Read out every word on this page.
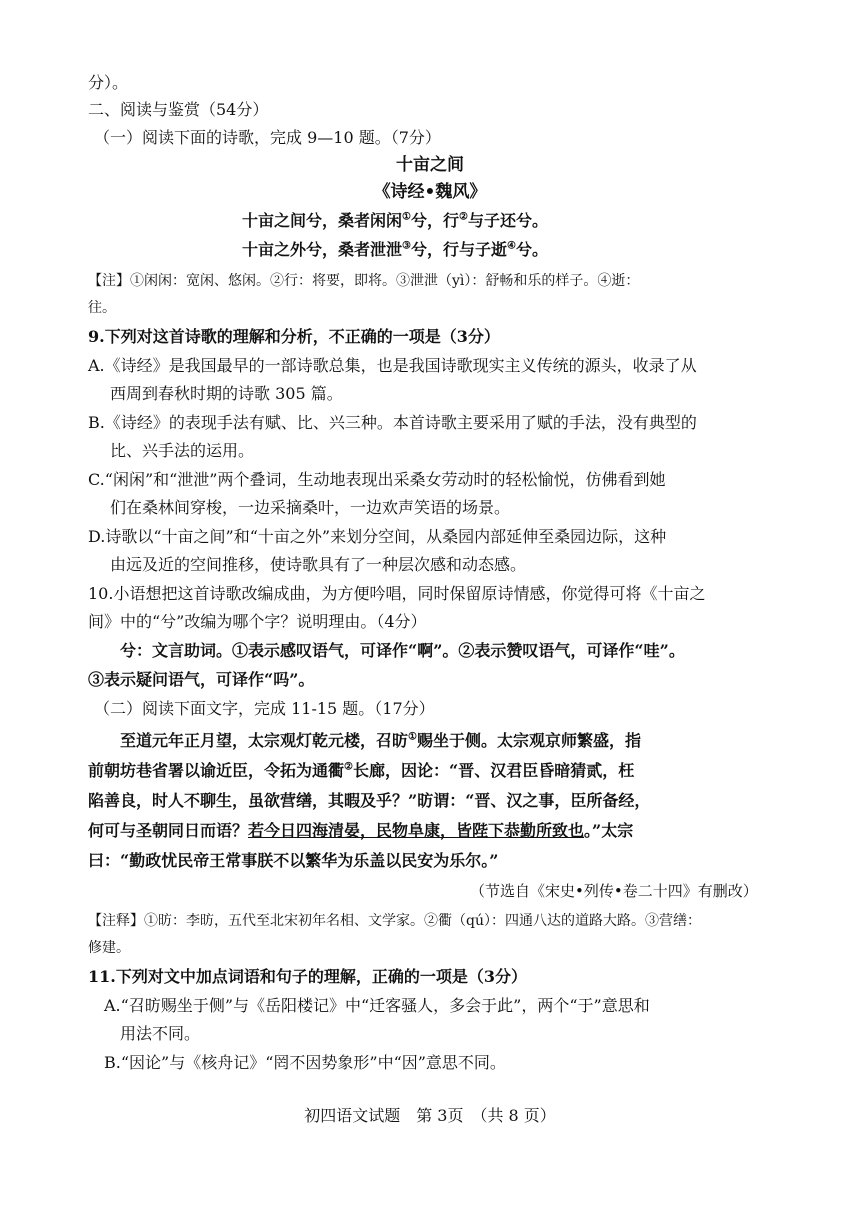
分）。
二、阅读与鉴赏（54分）
（一）阅读下面的诗歌，完成 9—10 题。（7分）
十亩之间
《诗经•魏风》
十亩之间兮，桑者闲闲①兮，行②与子还兮。
十亩之外兮，桑者泄泄③兮，行与子逝④兮。
【注】①闲闲：宽闲、悠闲。②行：将要，即将。③泄泄（yì）：舒畅和乐的样子。④逝：
往。
9.下列对这首诗歌的理解和分析，不正确的一项是（3分）
A.《诗经》是我国最早的一部诗歌总集，也是我国诗歌现实主义传统的源头，收录了从
西周到春秋时期的诗歌 305 篇。
B.《诗经》的表现手法有赋、比、兴三种。本首诗歌主要采用了赋的手法，没有典型的
比、兴手法的运用。
C.“闲闲”和“泄泄”两个叠词，生动地表现出采桑女劳动时的轻松愉悦，仿佛看到她
们在桑林间穿梭，一边采摘桑叶，一边欢声笑语的场景。
D.诗歌以“十亩之间”和“十亩之外”来划分空间，从桑园内部延伸至桑园边际，这种
由远及近的空间推移，使诗歌具有了一种层次感和动态感。
10.小语想把这首诗歌改编成曲，为方便吟唱，同时保留原诗情感，你觉得可将《十亩之
间》中的“兮”改编为哪个字？说明理由。（4分）
兮：文言助词。①表示感叹语气，可译作“啊”。②表示赞叹语气，可译作“哇”。
③表示疑问语气，可译作“吗”。
（二）阅读下面文字，完成 11-15 题。（17分）
至道元年正月望，太宗观灯乾元楼，召昉①赐坐于侧。太宗观京师繁盛，指
前朝坊巷省署以谕近臣，令拓为通衢②长廊，因论：“晋、汉君臣昏暗猜贰，枉
陷善良，时人不聊生，虽欲营缮，其暇及乎？”昉谓：“晋、汉之事，臣所备经，
何可与圣朝同日而语？若今日四海清晏，民物阜康，皆陛下恭勤所致也。”太宗
曰：“勤政忧民帝王常事朕不以繁华为乐盖以民安为乐尔。”
（节选自《宋史•列传•卷二十四》有删改）
【注释】①昉：李昉，五代至北宋初年名相、文学家。②衢（qú）：四通八达的道路大路。③营缮：
修建。
11.下列对文中加点词语和句子的理解，正确的一项是（3分）
A.“召昉赐坐于侧”与《岳阳楼记》中“迁客骚人，多会于此”，两个“于”意思和
用法不同。
B.“因论”与《核舟记》“罔不因势象形”中“因”意思不同。
初四语文试题　第 3页　（共 8 页）
